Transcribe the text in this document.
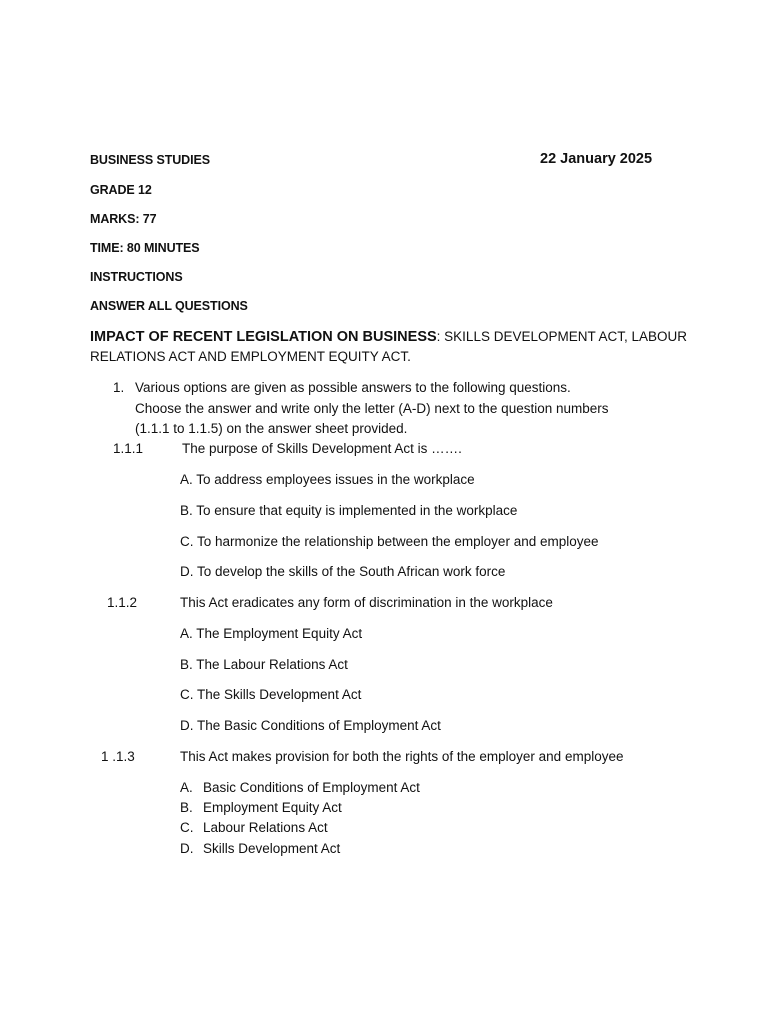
BUSINESS STUDIES	22 January 2025
GRADE 12
MARKS: 77
TIME: 80 MINUTES
INSTRUCTIONS
ANSWER ALL QUESTIONS
IMPACT OF RECENT LEGISLATION ON BUSINESS: SKILLS DEVELOPMENT ACT, LABOUR
RELATIONS ACT AND EMPLOYMENT EQUITY ACT.
1. Various options are given as possible answers to the following questions.
Choose the answer and write only the letter (A-D) next to the question numbers
(1.1.1 to 1.1.5) on the answer sheet provided.
1.1.1	The purpose of Skills Development Act is …….
A. To address employees issues in the workplace
B. To ensure that equity is implemented in the workplace
C. To harmonize the relationship between the employer and employee
D. To develop the skills of the South African work force
1.1.2	This Act eradicates any form of discrimination in the workplace
A. The Employment Equity Act
B. The Labour Relations Act
C. The Skills Development Act
D. The Basic Conditions of Employment Act
1 .1.3	This Act makes provision for both the rights of the employer and employee
A. Basic Conditions of Employment Act
B. Employment Equity Act
C. Labour Relations Act
D. Skills Development Act
